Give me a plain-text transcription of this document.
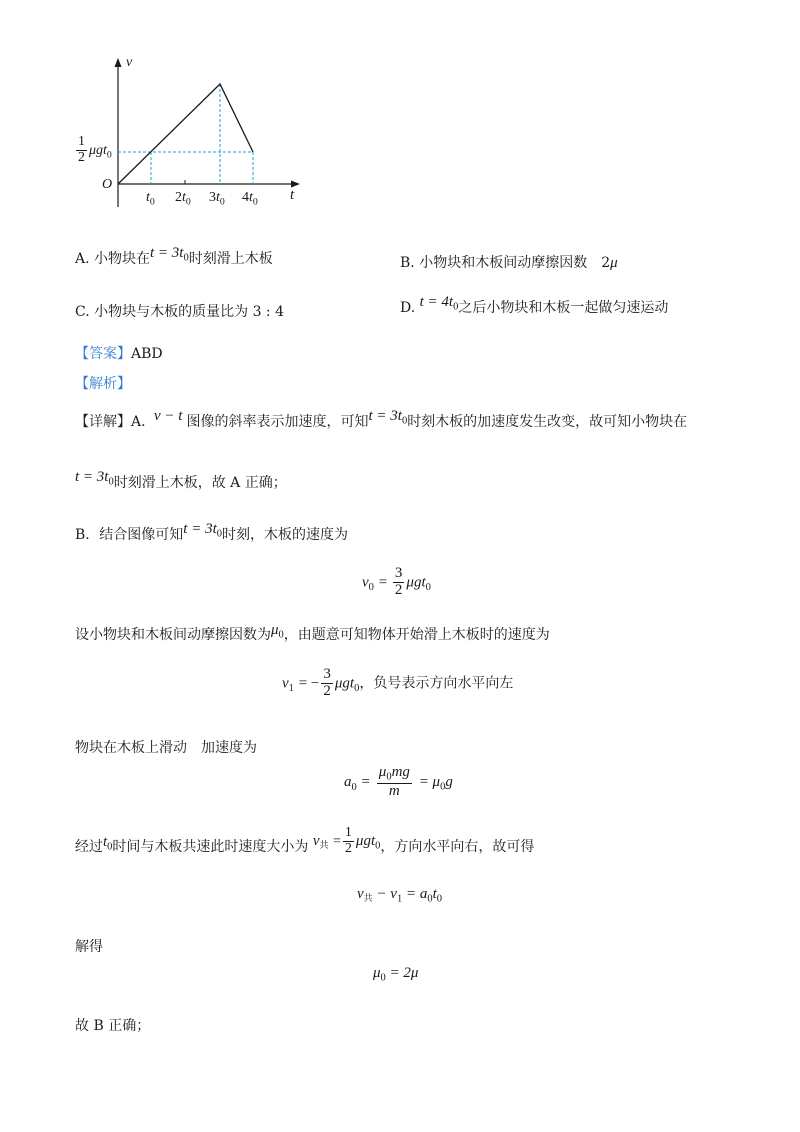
v
t
O
$\frac{1}{2} \mu gt_0$
$t_0$ $2t_0$ $3t_0$ $4t_0$
A. 小物块在$t = 3t_0$时刻滑上木板	B. 小物块和木板间动摩擦因数　2μ
C. 小物块与木板的质量比为 3 : 4	D. $t = 4t_0$之后小物块和木板一起做匀速运动
【答案】ABD
【解析】
【详解】A. v − t 图像的斜率表示加速度，可知$t = 3t_0$时刻木板的加速度发生改变，故可知小物块在
$t = 3t_0$时刻滑上木板，故 A 正确；
B．结合图像可知$t = 3t_0$时刻，木板的速度为
$v_0 = \frac{3}{2} \mu gt_0$
设小物块和木板间动摩擦因数为$\mu_0$，由题意可知物体开始滑上木板时的速度为
$v_1$ = − $\frac{3}{2} \mu gt_0$，负号表示方向水平向左
物块在木板上滑动　加速度为
$a_0 = \frac{\mu_0mg}{m} = \mu_0g$
经过$t_0$时间与木板共速此时速度大小为 $v_共 = \frac{1}{2} \mu gt_0$，方向水平向右，故可得
$v_共 - v_1 = a_0t_0$
解得
$\mu_0 = 2\mu$
故 B 正确；
